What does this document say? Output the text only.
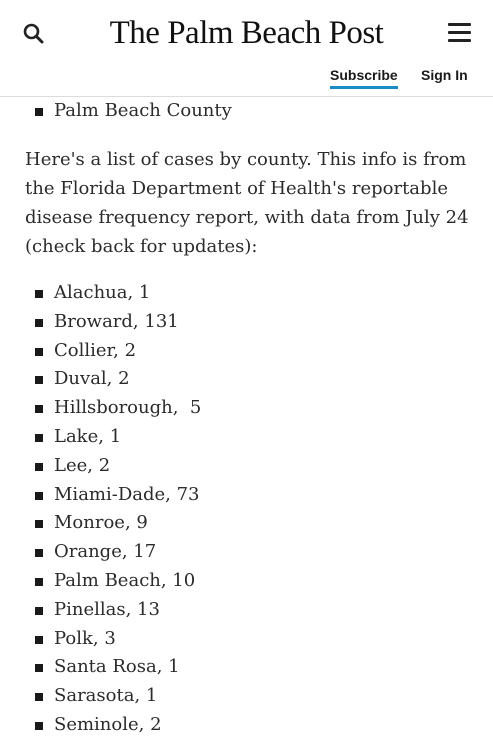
The Palm Beach Post
Subscribe Sign In
Palm Beach County

Here's a list of cases by county. This info is from the Florida Department of Health's reportable disease frequency report, with data from July 24 (check back for updates):

Alachua, 1
Broward, 131
Collier, 2
Duval, 2
Hillsborough,  5
Lake, 1
Lee, 2
Miami-Dade, 73
Monroe, 9
Orange, 17
Palm Beach, 10
Pinellas, 13
Polk, 3
Santa Rosa, 1
Sarasota, 1
Seminole, 2
